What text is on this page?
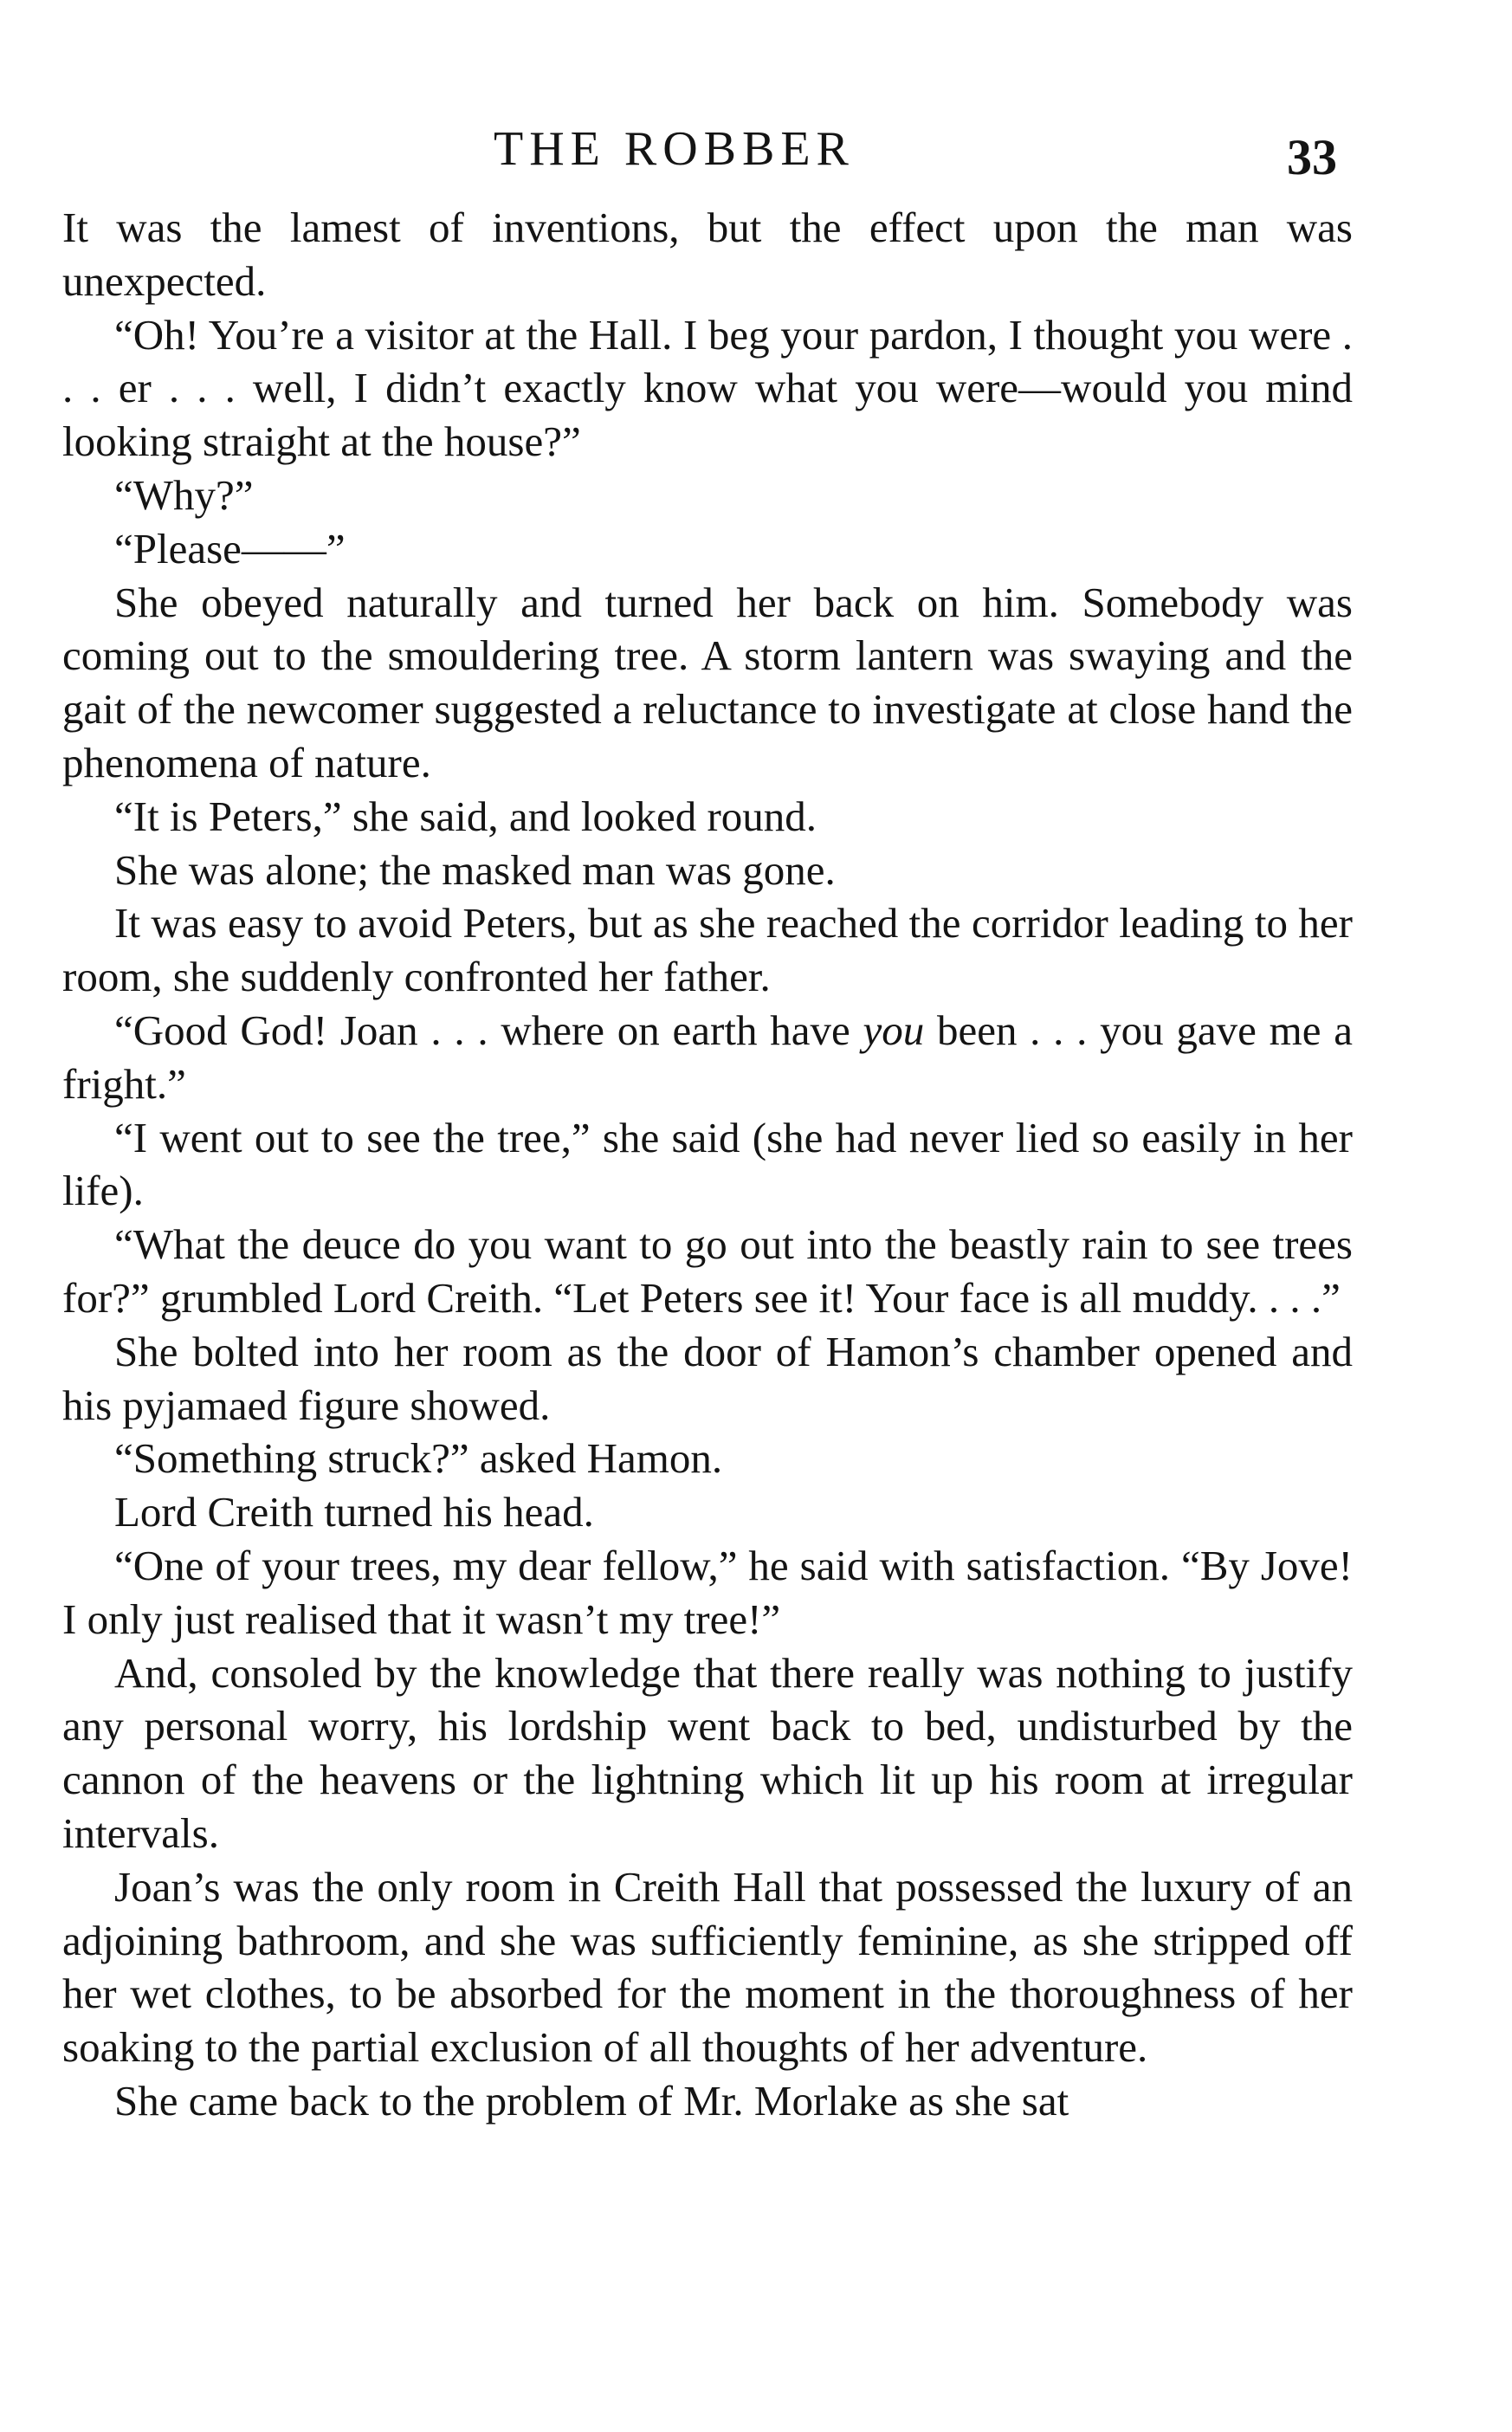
THE ROBBER	33

It was the lamest of inventions, but the effect upon the man was unexpected.

“Oh! You’re a visitor at the Hall. I beg your pardon, I thought you were . . . er . . . well, I didn’t exactly know what you were—would you mind looking straight at the house?”

“Why?”

“Please——”

She obeyed naturally and turned her back on him. Somebody was coming out to the smouldering tree. A storm lantern was swaying and the gait of the newcomer suggested a reluctance to investigate at close hand the phenomena of nature.

“It is Peters,” she said, and looked round.

She was alone; the masked man was gone.

It was easy to avoid Peters, but as she reached the corridor leading to her room, she suddenly confronted her father.

“Good God! Joan . . . where on earth have you been . . . you gave me a fright.”

“I went out to see the tree,” she said (she had never lied so easily in her life).

“What the deuce do you want to go out into the beastly rain to see trees for?” grumbled Lord Creith. “Let Peters see it! Your face is all muddy. . . .”

She bolted into her room as the door of Hamon’s chamber opened and his pyjamaed figure showed.

“Something struck?” asked Hamon.

Lord Creith turned his head.

“One of your trees, my dear fellow,” he said with satisfaction. “By Jove! I only just realised that it wasn’t my tree!”

And, consoled by the knowledge that there really was nothing to justify any personal worry, his lordship went back to bed, undisturbed by the cannon of the heavens or the lightning which lit up his room at irregular intervals.

Joan’s was the only room in Creith Hall that possessed the luxury of an adjoining bathroom, and she was sufficiently feminine, as she stripped off her wet clothes, to be absorbed for the moment in the thoroughness of her soaking to the partial exclusion of all thoughts of her adventure.

She came back to the problem of Mr. Morlake as she sat
